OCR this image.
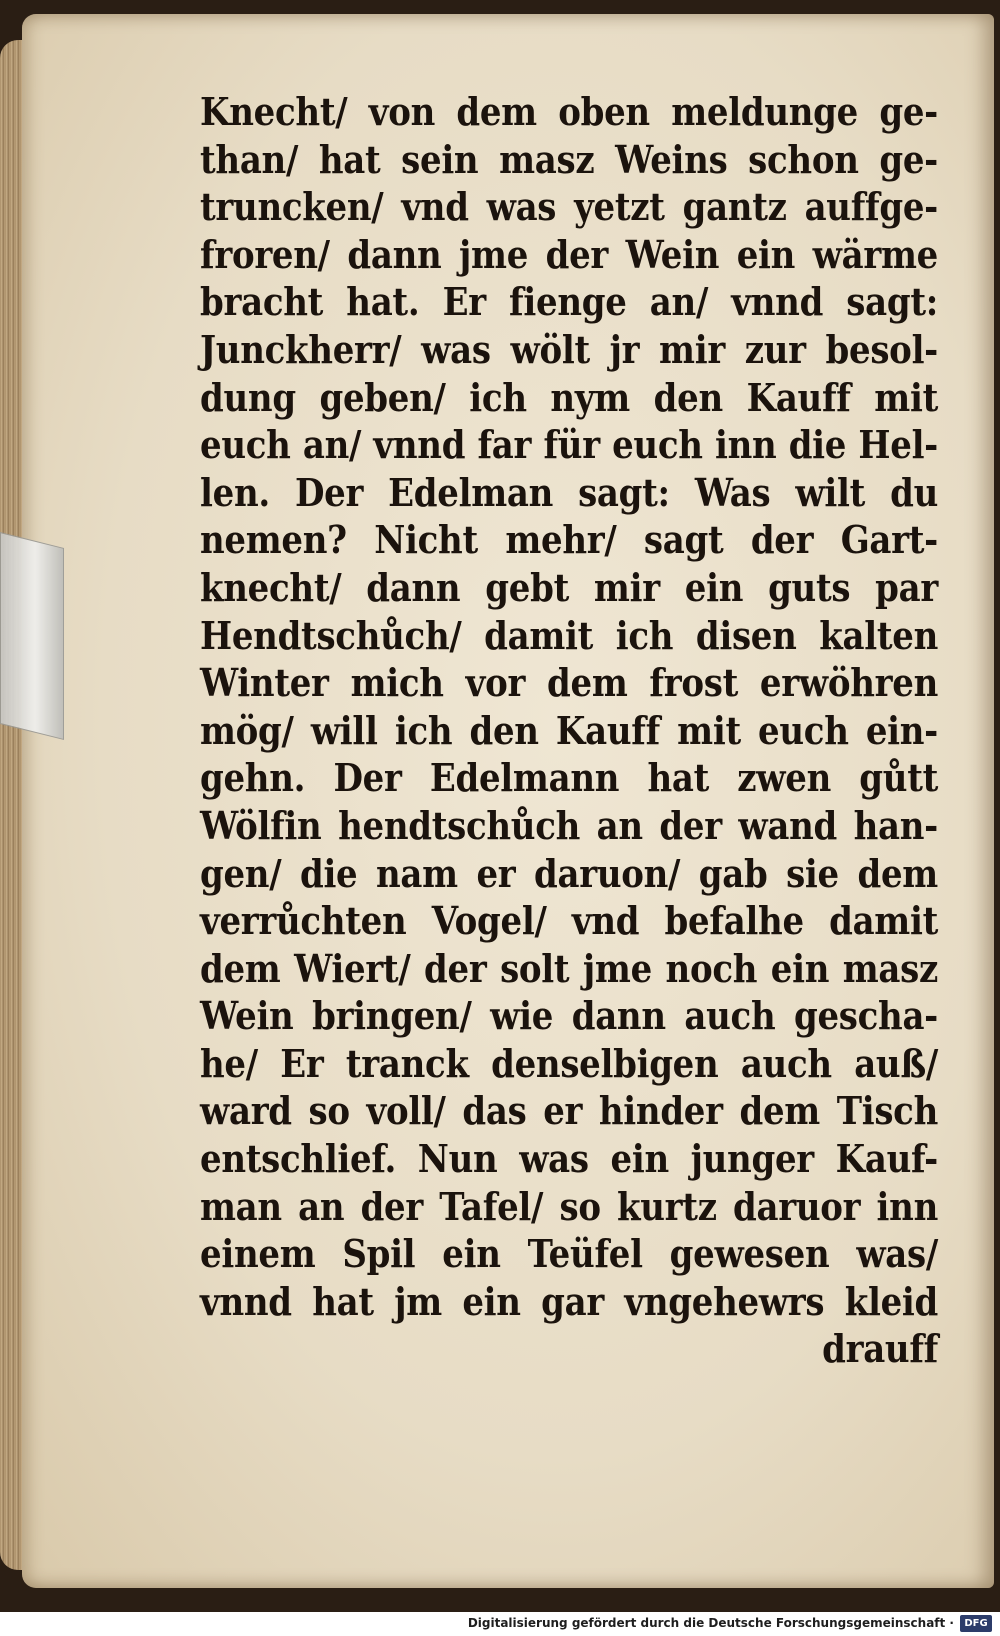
Knecht/ von dem oben meldunge ge-
than/ hat sein masz Weins schon ge-
truncken/ vnd was yetzt gantz auffge-
froren/ dann jme der Wein ein wärme
bracht hat. Er fienge an/ vnnd sagt:
Junckherr/ was wölt jr mir zur besol-
dung geben/ ich nym den Kauff mit
euch an/ vnnd far für euch inn die Hel-
len. Der Edelman sagt: Was wilt du
nemen? Nicht mehr/ sagt der Gart-
knecht/ dann gebt mir ein guts par
Hendtschůch/ damit ich disen kalten
Winter mich vor dem frost erwöhren
mög/ will ich den Kauff mit euch ein-
gehn. Der Edelmann hat zwen gůtt
Wölfin hendtschůch an der wand han-
gen/ die nam er daruon/ gab sie dem
verrůchten Vogel/ vnd befalhe damit
dem Wiert/ der solt jme noch ein masz
Wein bringen/ wie dann auch gescha-
he/ Er tranck denselbigen auch auß/
ward so voll/ das er hinder dem Tisch
entschlief. Nun was ein junger Kauf-
man an der Tafel/ so kurtz daruor inn
einem Spil ein Teüfel gewesen was/
vnnd hat jm ein gar vngehewrs kleid
drauff
Digitalisierung gefördert durch die Deutsche Forschungsgemeinschaft ·	DFG
